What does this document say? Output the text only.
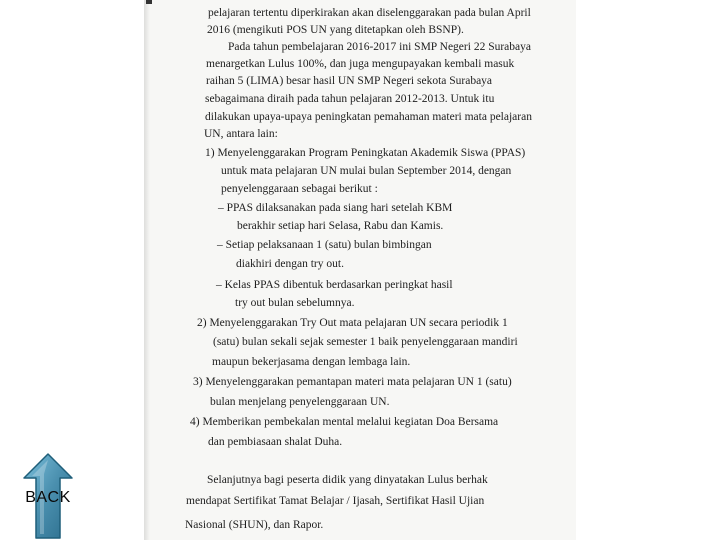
pelajaran tertentu diperkirakan akan diselenggarakan pada bulan April
2016 (mengikuti POS UN yang ditetapkan oleh BSNP).
Pada tahun pembelajaran 2016-2017 ini SMP Negeri 22 Surabaya
menargetkan Lulus 100%, dan juga mengupayakan kembali masuk
raihan 5 (LIMA) besar hasil UN SMP Negeri sekota Surabaya
sebagaimana diraih pada tahun pelajaran 2012-2013. Untuk itu
dilakukan upaya-upaya peningkatan pemahaman materi mata pelajaran
UN, antara lain:
1) Menyelenggarakan Program Peningkatan Akademik Siswa (PPAS)
untuk mata pelajaran UN mulai bulan September 2014, dengan
penyelenggaraan sebagai berikut :
– PPAS dilaksanakan pada siang hari setelah KBM
berakhir setiap hari Selasa, Rabu dan Kamis.
– Setiap pelaksanaan 1 (satu) bulan bimbingan
diakhiri dengan try out.
– Kelas PPAS dibentuk berdasarkan peringkat hasil
try out bulan sebelumnya.
2) Menyelenggarakan Try Out mata pelajaran UN secara periodik 1
(satu) bulan sekali sejak semester 1 baik penyelenggaraan mandiri
maupun bekerjasama dengan lembaga lain.
3) Menyelenggarakan pemantapan materi mata pelajaran UN 1 (satu)
bulan menjelang penyelenggaraan UN.
4) Memberikan pembekalan mental melalui kegiatan Doa Bersama
dan pembiasaan shalat Duha.
Selanjutnya bagi peserta didik yang dinyatakan Lulus berhak
mendapat Sertifikat Tamat Belajar / Ijasah, Sertifikat Hasil Ujian
Nasional (SHUN), dan Rapor.
BACK
